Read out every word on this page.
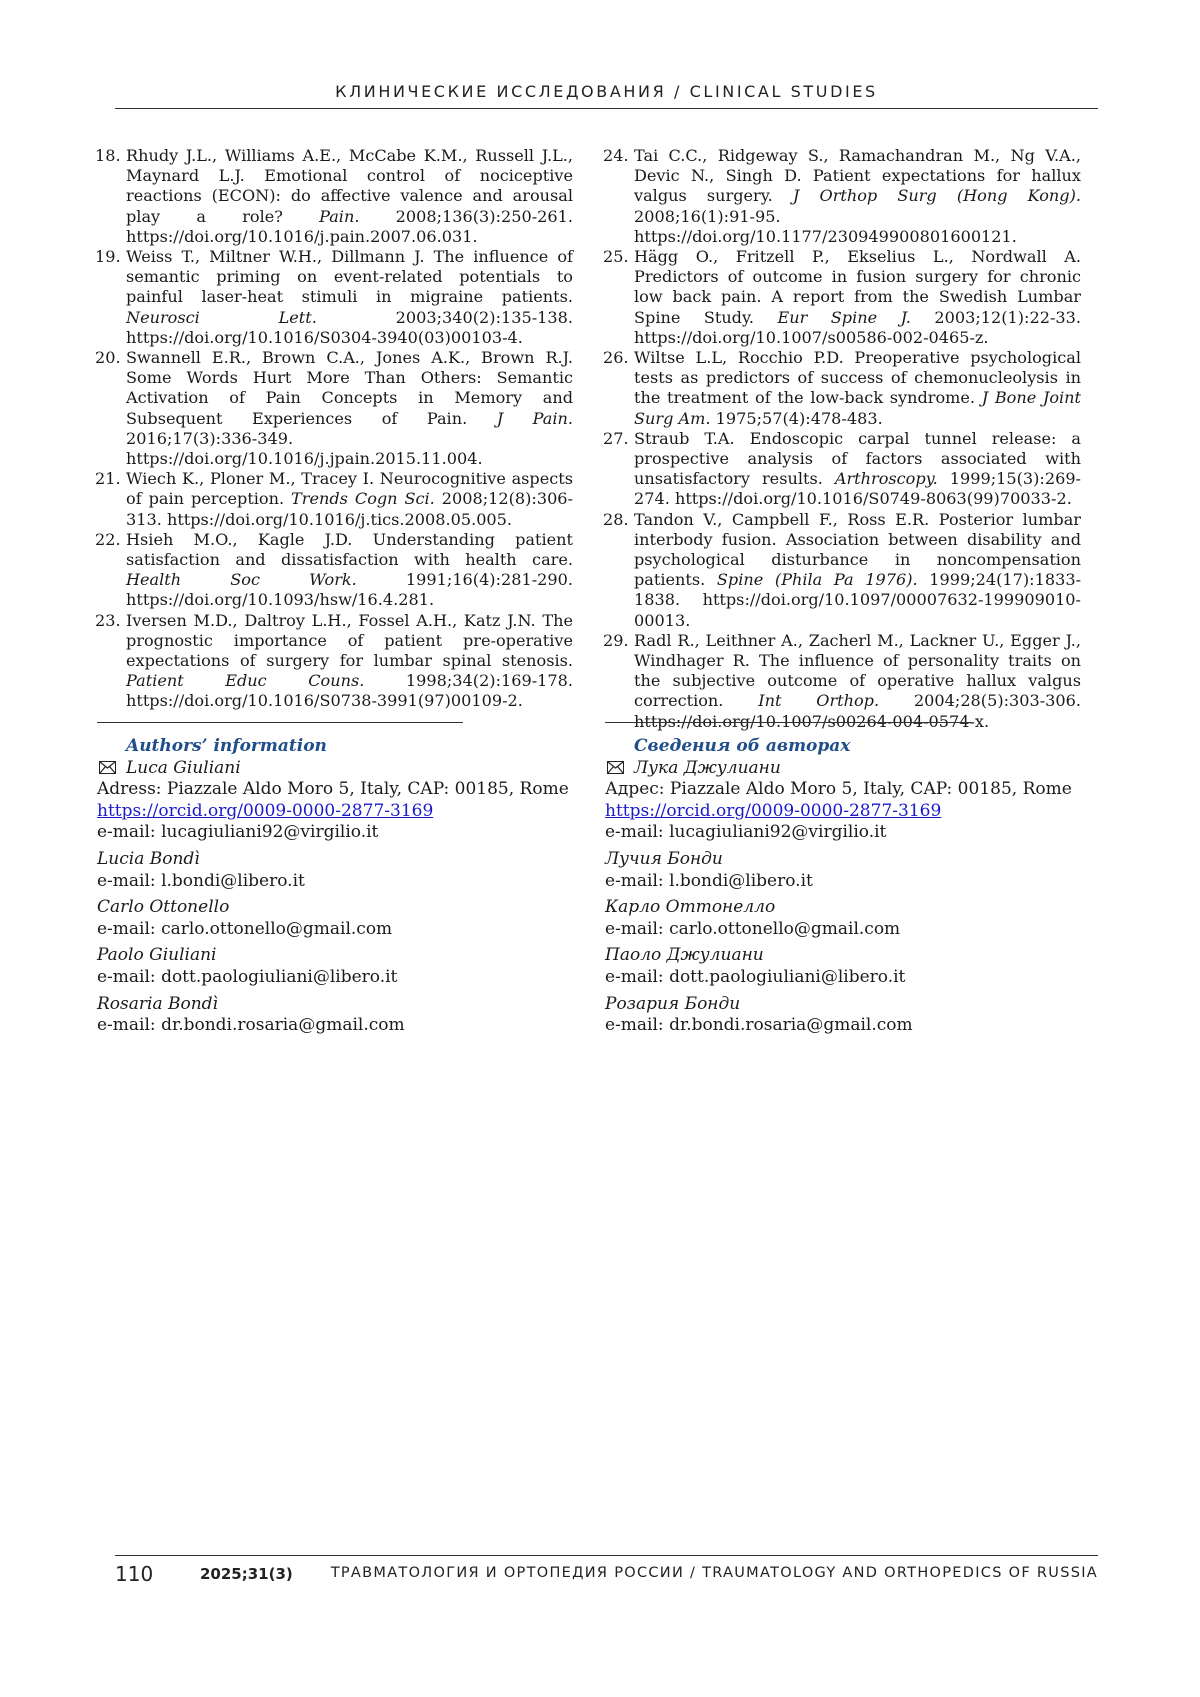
КЛИНИЧЕСКИЕ ИССЛЕДОВАНИЯ / CLINICAL STUDIES
18. Rhudy J.L., Williams A.E., McCabe K.M., Russell J.L., Maynard L.J. Emotional control of nociceptive reactions (ECON): do affective valence and arousal play a role? Pain. 2008;136(3):250-261. https://doi.org/10.1016/j.pain.2007.06.031.
19. Weiss T., Miltner W.H., Dillmann J. The influence of semantic priming on event-related potentials to painful laser-heat stimuli in migraine patients. Neurosci Lett. 2003;340(2):135-138. https://doi.org/10.1016/S0304-3940(03)00103-4.
20. Swannell E.R., Brown C.A., Jones A.K., Brown R.J. Some Words Hurt More Than Others: Semantic Activation of Pain Concepts in Memory and Subsequent Experiences of Pain. J Pain. 2016;17(3):336-349. https://doi.org/10.1016/j.jpain.2015.11.004.
21. Wiech K., Ploner M., Tracey I. Neurocognitive aspects of pain perception. Trends Cogn Sci. 2008;12(8):306-313. https://doi.org/10.1016/j.tics.2008.05.005.
22. Hsieh M.O., Kagle J.D. Understanding patient satisfaction and dissatisfaction with health care. Health Soc Work. 1991;16(4):281-290. https://doi.org/10.1093/hsw/16.4.281.
23. Iversen M.D., Daltroy L.H., Fossel A.H., Katz J.N. The prognostic importance of patient pre-operative expectations of surgery for lumbar spinal stenosis. Patient Educ Couns. 1998;34(2):169-178. https://doi.org/10.1016/S0738-3991(97)00109-2.
24. Tai C.C., Ridgeway S., Ramachandran M., Ng V.A., Devic N., Singh D. Patient expectations for hallux valgus surgery. J Orthop Surg (Hong Kong). 2008;16(1):91-95. https://doi.org/10.1177/230949900801600121.
25. Hägg O., Fritzell P., Ekselius L., Nordwall A. Predictors of outcome in fusion surgery for chronic low back pain. A report from the Swedish Lumbar Spine Study. Eur Spine J. 2003;12(1):22-33. https://doi.org/10.1007/s00586-002-0465-z.
26. Wiltse L.L, Rocchio P.D. Preoperative psychological tests as predictors of success of chemonucleolysis in the treatment of the low-back syndrome. J Bone Joint Surg Am. 1975;57(4):478-483.
27. Straub T.A. Endoscopic carpal tunnel release: a prospective analysis of factors associated with unsatisfactory results. Arthroscopy. 1999;15(3):269-274. https://doi.org/10.1016/S0749-8063(99)70033-2.
28. Tandon V., Campbell F., Ross E.R. Posterior lumbar interbody fusion. Association between disability and psychological disturbance in noncompensation patients. Spine (Phila Pa 1976). 1999;24(17):1833-1838. https://doi.org/10.1097/00007632-199909010-00013.
29. Radl R., Leithner A., Zacherl M., Lackner U., Egger J., Windhager R. The influence of personality traits on the subjective outcome of operative hallux valgus correction. Int Orthop. 2004;28(5):303-306. https://doi.org/10.1007/s00264-004-0574-x.
Authors’ information
Luca Giuliani
Adress: Piazzale Aldo Moro 5, Italy, CAP: 00185, Rome
https://orcid.org/0009-0000-2877-3169
e-mail: lucagiuliani92@virgilio.it
Lucia Bondì
e-mail: l.bondi@libero.it
Carlo Ottonello
e-mail: carlo.ottonello@gmail.com
Paolo Giuliani
e-mail: dott.paologiuliani@libero.it
Rosaria Bondì
e-mail: dr.bondi.rosaria@gmail.com
Сведения об авторах
Лука Джулиани
Адрес: Piazzale Aldo Moro 5, Italy, CAP: 00185, Rome
https://orcid.org/0009-0000-2877-3169
e-mail: lucagiuliani92@virgilio.it
Лучия Бонди
e-mail: l.bondi@libero.it
Карло Оттонелло
e-mail: carlo.ottonello@gmail.com
Паоло Джулиани
e-mail: dott.paologiuliani@libero.it
Розария Бонди
e-mail: dr.bondi.rosaria@gmail.com
110	2025;31(3)	ТРАВМАТОЛОГИЯ И ОРТОПЕДИЯ РОССИИ / TRAUMATOLOGY AND ORTHOPEDICS OF RUSSIA
